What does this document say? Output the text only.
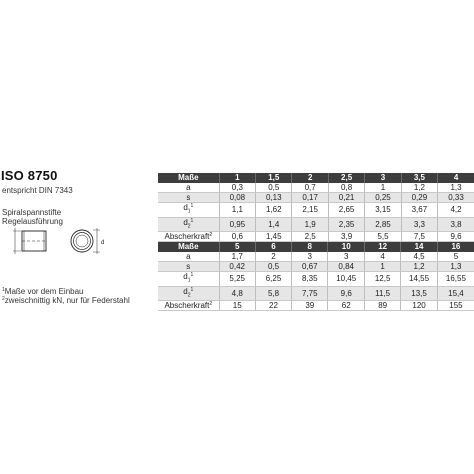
ISO 8750
entspricht DIN 7343
Spiralspannstifte
Regelausführung
d
Maße	1	1,5	2	2,5	3	3,5	4
a	0,3	0,5	0,7	0,8	1	1,2	1,3
s	0,08	0,13	0,17	0,21	0,25	0,29	0,33
$d_1^1$	1,1	1,62	2,15	2,65	3,15	3,67	4,2
$d_2^1$	0,95	1,4	1,9	2,35	2,85	3,3	3,8
Abscherkraft$^2$	0,6	1,45	2,5	3,9	5,5	7,5	9,6
Maße	5	6	8	10	12	14	16
a	1,7	2	3	3	4	4,5	5
s	0,42	0,5	0,67	0,84	1	1,2	1,3
$d_1^1$	5,25	6,25	8,35	10,45	12,5	14,55	16,55
$d_2^1$	4,8	5,8	7,75	9,6	11,5	13,5	15,4
Abscherkraft$^2$	15	22	39	62	89	120	155
$^1$Maße vor dem Einbau
$^2$zweischnittig kN, nur für Federstahl
